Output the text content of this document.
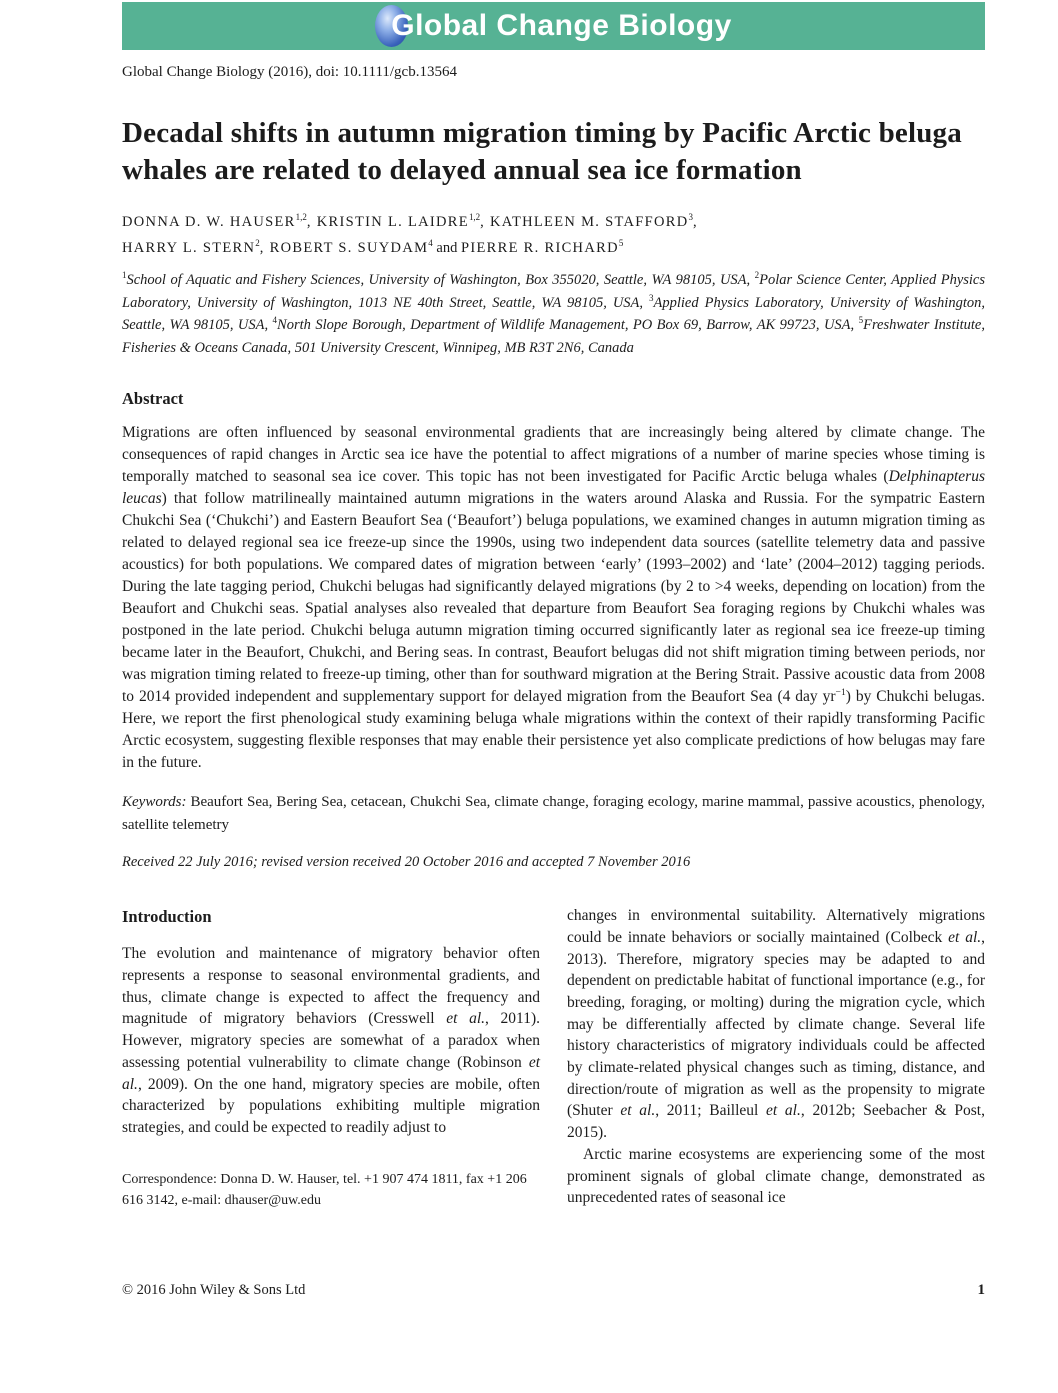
Global Change Biology
Global Change Biology (2016), doi: 10.1111/gcb.13564
Decadal shifts in autumn migration timing by Pacific Arctic beluga whales are related to delayed annual sea ice formation
DONNA D. W. HAUSER$^{1,2}$, KRISTIN L. LAIDRE$^{1,2}$, KATHLEEN M. STAFFORD$^3$,
HARRY L. STERN$^2$, ROBERT S. SUYDAM$^4$ and PIERRE R. RICHARD$^5$

$^1$School of Aquatic and Fishery Sciences, University of Washington, Box 355020, Seattle, WA 98105, USA, $^2$Polar Science Center, Applied Physics Laboratory, University of Washington, 1013 NE 40th Street, Seattle, WA 98105, USA, $^3$Applied Physics Laboratory, University of Washington, Seattle, WA 98105, USA, $^4$North Slope Borough, Department of Wildlife Management, PO Box 69, Barrow, AK 99723, USA, $^5$Freshwater Institute, Fisheries & Oceans Canada, 501 University Crescent, Winnipeg, MB R3T 2N6, Canada

Abstract

Migrations are often influenced by seasonal environmental gradients that are increasingly being altered by climate change. The consequences of rapid changes in Arctic sea ice have the potential to affect migrations of a number of marine species whose timing is temporally matched to seasonal sea ice cover. This topic has not been investigated for Pacific Arctic beluga whales (Delphinapterus leucas) that follow matrilineally maintained autumn migrations in the waters around Alaska and Russia. For the sympatric Eastern Chukchi Sea (‘Chukchi’) and Eastern Beaufort Sea (‘Beaufort’) beluga populations, we examined changes in autumn migration timing as related to delayed regional sea ice freeze-up since the 1990s, using two independent data sources (satellite telemetry data and passive acoustics) for both populations. We compared dates of migration between ‘early’ (1993–2002) and ‘late’ (2004–2012) tagging periods. During the late tagging period, Chukchi belugas had significantly delayed migrations (by 2 to >4 weeks, depending on location) from the Beaufort and Chukchi seas. Spatial analyses also revealed that departure from Beaufort Sea foraging regions by Chukchi whales was postponed in the late period. Chukchi beluga autumn migration timing occurred significantly later as regional sea ice freeze-up timing became later in the Beaufort, Chukchi, and Bering seas. In contrast, Beaufort belugas did not shift migration timing between periods, nor was migration timing related to freeze-up timing, other than for southward migration at the Bering Strait. Passive acoustic data from 2008 to 2014 provided independent and supplementary support for delayed migration from the Beaufort Sea (4 day $yr^{-1}$) by Chukchi belugas. Here, we report the first phenological study examining beluga whale migrations within the context of their rapidly transforming Pacific Arctic ecosystem, suggesting flexible responses that may enable their persistence yet also complicate predictions of how belugas may fare in the future.

Keywords: Beaufort Sea, Bering Sea, cetacean, Chukchi Sea, climate change, foraging ecology, marine mammal, passive acoustics, phenology, satellite telemetry

Received 22 July 2016; revised version received 20 October 2016 and accepted 7 November 2016
Introduction

The evolution and maintenance of migratory behavior often represents a response to seasonal environmental gradients, and thus, climate change is expected to affect the frequency and magnitude of migratory behaviors (Cresswell et al., 2011). However, migratory species are somewhat of a paradox when assessing potential vulnerability to climate change (Robinson et al., 2009). On the one hand, migratory species are mobile, often characterized by populations exhibiting multiple migration strategies, and could be expected to readily adjust to

Correspondence: Donna D. W. Hauser, tel. +1 907 474 1811, fax +1 206 616 3142, e-mail: dhauser@uw.edu

changes in environmental suitability. Alternatively migrations could be innate behaviors or socially maintained (Colbeck et al., 2013). Therefore, migratory species may be adapted to and dependent on predictable habitat of functional importance (e.g., for breeding, foraging, or molting) during the migration cycle, which may be differentially affected by climate change. Several life history characteristics of migratory individuals could be affected by climate-related physical changes such as timing, distance, and direction/route of migration as well as the propensity to migrate (Shuter et al., 2011; Bailleul et al., 2012b; Seebacher & Post, 2015).

Arctic marine ecosystems are experiencing some of the most prominent signals of global climate change, demonstrated as unprecedented rates of seasonal ice

© 2016 John Wiley & Sons Ltd	1
